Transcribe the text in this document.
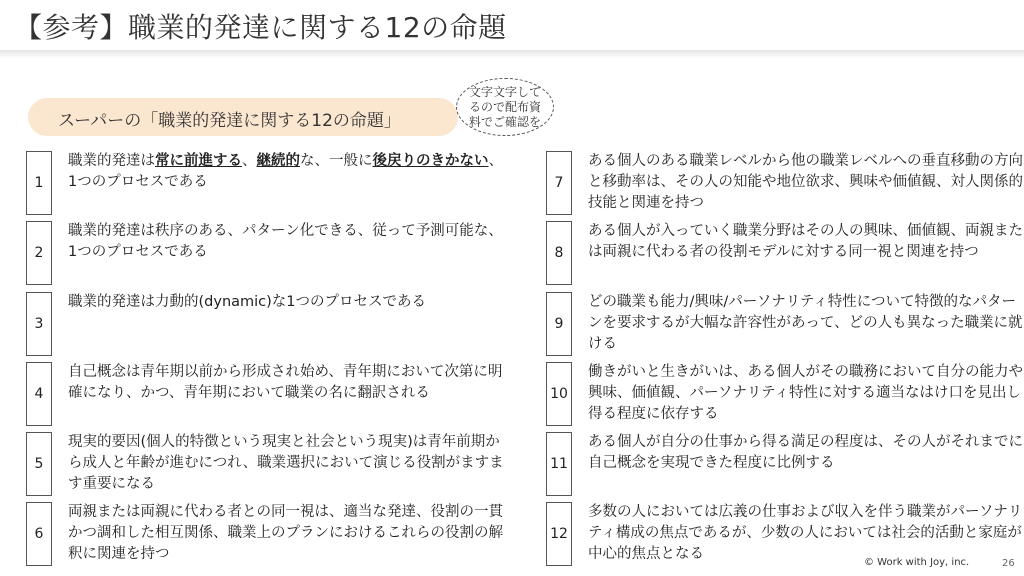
【参考】職業的発達に関する12の命題
スーパーの「職業的発達に関する12の命題」
文字文字して
るので配布資
料でご確認を
1
職業的発達は常に前進する、継続的な、一般に後戻りのきかない、1つのプロセスである
2
職業的発達は秩序のある、パターン化できる、従って予測可能な、1つのプロセスである
3
職業的発達は力動的(dynamic)な1つのプロセスである
4
自己概念は青年期以前から形成され始め、青年期において次第に明確になり、かつ、青年期において職業の名に翻訳される
5
現実的要因(個人的特徴という現実と社会という現実)は青年前期から成人と年齢が進むにつれ、職業選択において演じる役割がますます重要になる
6
両親または両親に代わる者との同一視は、適当な発達、役割の一貫かつ調和した相互関係、職業上のプランにおけるこれらの役割の解釈に関連を持つ
7
ある個人のある職業レベルから他の職業レベルへの垂直移動の方向と移動率は、その人の知能や地位欲求、興味や価値観、対人関係的技能と関連を持つ
8
ある個人が入っていく職業分野はその人の興味、価値観、両親または両親に代わる者の役割モデルに対する同一視と関連を持つ
9
どの職業も能力/興味/パーソナリティ特性について特徴的なパターンを要求するが大幅な許容性があって、どの人も異なった職業に就ける
10
働きがいと生きがいは、ある個人がその職務において自分の能力や興味、価値観、パーソナリティ特性に対する適当なはけ口を見出し得る程度に依存する
11
ある個人が自分の仕事から得る満足の程度は、その人がそれまでに自己概念を実現できた程度に比例する
12
多数の人においては広義の仕事および収入を伴う職業がパーソナリティ構成の焦点であるが、少数の人においては社会的活動と家庭が中心的焦点となる
© Work with Joy, inc.	26
